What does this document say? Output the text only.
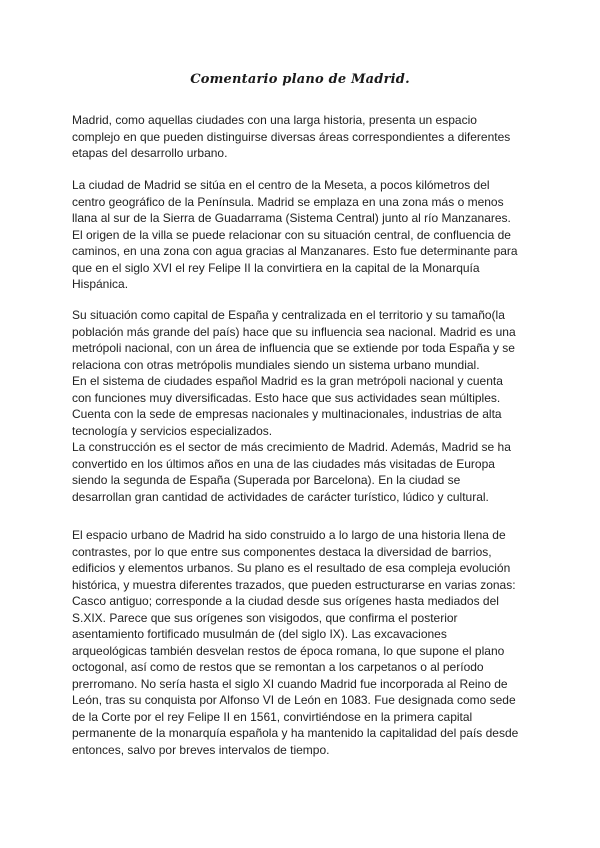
Comentario plano de Madrid.
Madrid, como aquellas ciudades con una larga historia, presenta un espacio
complejo en que pueden distinguirse diversas áreas correspondientes a diferentes
etapas del desarrollo urbano.
La ciudad de Madrid se sitúa en el centro de la Meseta, a pocos kilómetros del
centro geográfico de la Península. Madrid se emplaza en una zona más o menos
llana al sur de la Sierra de Guadarrama (Sistema Central) junto al río Manzanares.
El origen de la villa se puede relacionar con su situación central, de confluencia de
caminos, en una zona con agua gracias al Manzanares. Esto fue determinante para
que en el siglo XVI el rey Felipe II la convirtiera en la capital de la Monarquía
Hispánica.
Su situación como capital de España y centralizada en el territorio y su tamaño(la
población más grande del país) hace que su influencia sea nacional. Madrid es una
metrópoli nacional, con un área de influencia que se extiende por toda España y se
relaciona con otras metrópolis mundiales siendo un sistema urbano mundial.
En el sistema de ciudades español Madrid es la gran metrópoli nacional y cuenta
con funciones muy diversificadas. Esto hace que sus actividades sean múltiples.
Cuenta con la sede de empresas nacionales y multinacionales, industrias de alta
tecnología y servicios especializados.
La construcción es el sector de más crecimiento de Madrid. Además, Madrid se ha
convertido en los últimos años en una de las ciudades más visitadas de Europa
siendo la segunda de España (Superada por Barcelona). En la ciudad se
desarrollan gran cantidad de actividades de carácter turístico, lúdico y cultural.
El espacio urbano de Madrid ha sido construido a lo largo de una historia llena de
contrastes, por lo que entre sus componentes destaca la diversidad de barrios,
edificios y elementos urbanos. Su plano es el resultado de esa compleja evolución
histórica, y muestra diferentes trazados, que pueden estructurarse en varias zonas:
Casco antiguo; corresponde a la ciudad desde sus orígenes hasta mediados del
S.XIX. Parece que sus orígenes son visigodos, que confirma el posterior
asentamiento fortificado musulmán de (del siglo IX). Las excavaciones
arqueológicas también desvelan restos de época romana, lo que supone el plano
octogonal, así como de restos que se remontan a los carpetanos o al período
prerromano. No sería hasta el siglo XI cuando Madrid fue incorporada al Reino de
León, tras su conquista por Alfonso VI de León en 1083. Fue designada como sede
de la Corte por el rey Felipe II en 1561, convirtiéndose en la primera capital
permanente de la monarquía española y ha mantenido la capitalidad del país desde
entonces, salvo por breves intervalos de tiempo.
